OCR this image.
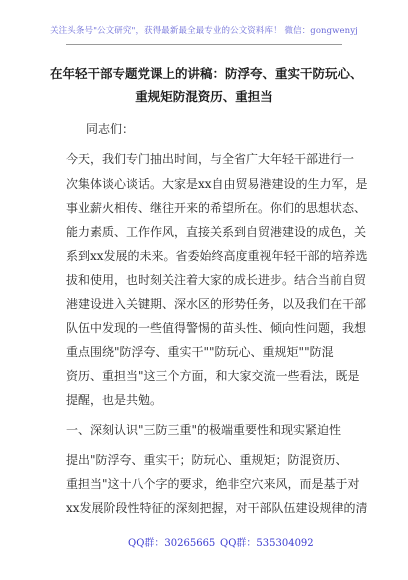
关注头条号"公文研究"，获得最新最全最专业的公文资料库！ 微信：gongwenyj
在年轻干部专题党课上的讲稿：防浮夸、重实干防玩心、
重规矩防混资历、重担当
同志们：
今天，我们专门抽出时间，与全省广大年轻干部进行一
次集体谈心谈话。大家是xx自由贸易港建设的生力军，是
事业薪火相传、继往开来的希望所在。你们的思想状态、
能力素质、工作作风，直接关系到自贸港建设的成色，关
系到xx发展的未来。省委始终高度重视年轻干部的培养选
拔和使用，也时刻关注着大家的成长进步。结合当前自贸
港建设进入关键期、深水区的形势任务，以及我们在干部
队伍中发现的一些值得警惕的苗头性、倾向性问题，我想
重点围绕"防浮夸、重实干""防玩心、重规矩""防混
资历、重担当"这三个方面，和大家交流一些看法，既是
提醒，也是共勉。
一、深刻认识"三防三重"的极端重要性和现实紧迫性
提出"防浮夸、重实干；防玩心、重规矩；防混资历、
重担当"这十八个字的要求，绝非空穴来风，而是基于对
xx发展阶段性特征的深刻把握，对干部队伍建设规律的清
QQ群：30265665 QQ群：535304092
